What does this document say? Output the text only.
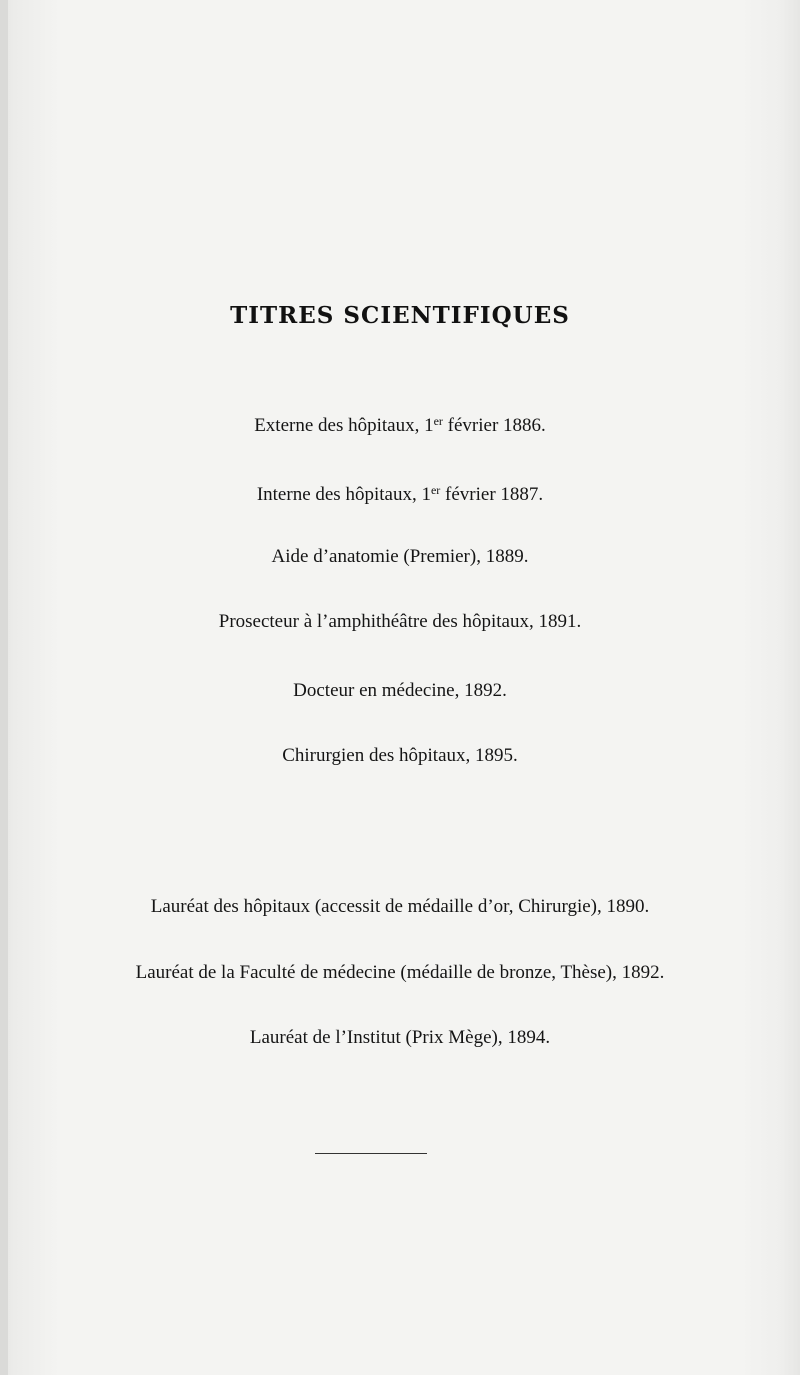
TITRES SCIENTIFIQUES
Externe des hôpitaux, 1er février 1886.
Interne des hôpitaux, 1er février 1887.
Aide d’anatomie (Premier), 1889.
Prosecteur à l’amphithéâtre des hôpitaux, 1891.
Docteur en médecine, 1892.
Chirurgien des hôpitaux, 1895.
Lauréat des hôpitaux (accessit de médaille d’or, Chirurgie), 1890.
Lauréat de la Faculté de médecine (médaille de bronze, Thèse), 1892.
Lauréat de l’Institut (Prix Mège), 1894.
